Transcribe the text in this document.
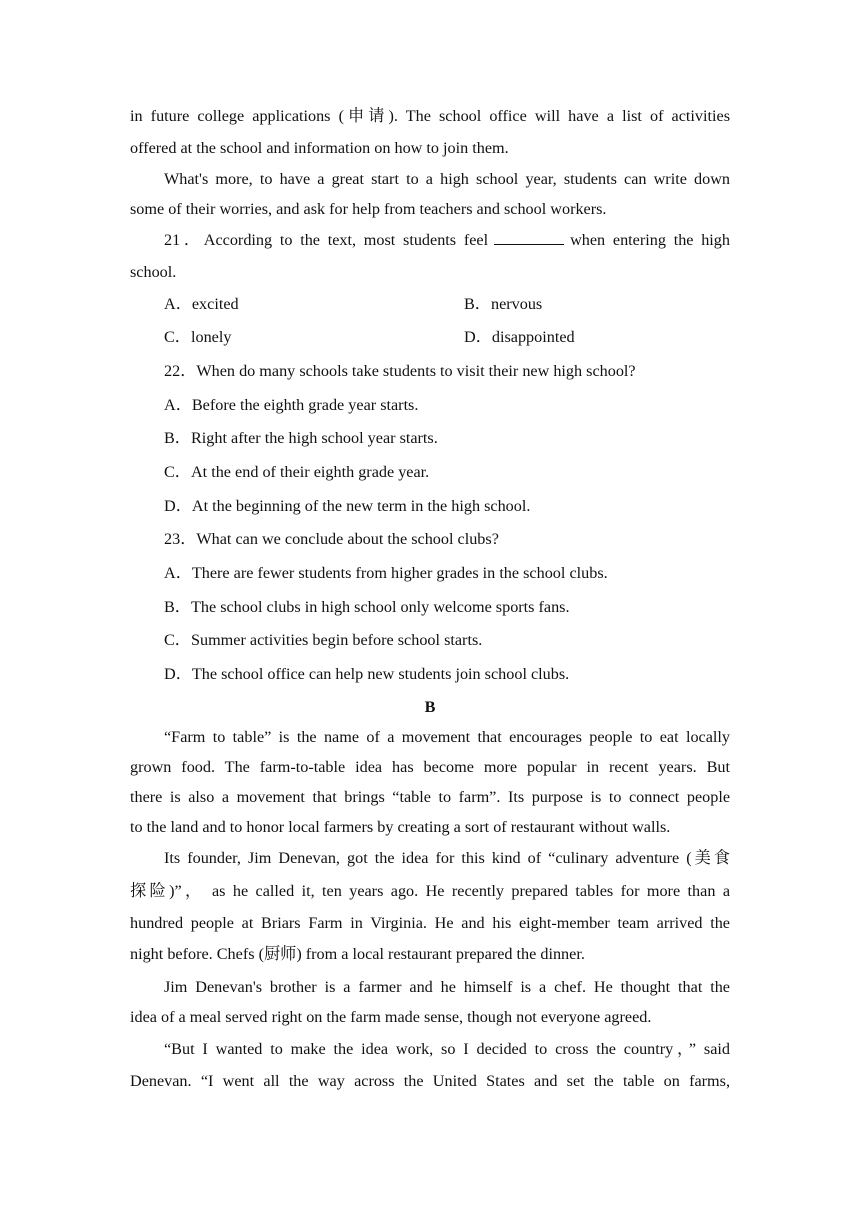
in future college applications (申请). The school office will have a list of activities
offered at the school and information on how to join them.
What's more, to have a great start to a high school year, students can write down
some of their worries, and ask for help from teachers and school workers.
21．According to the text, most students feel	when entering the high
school.
A．excited	B．nervous
C．lonely	D．disappointed
22．When do many schools take students to visit their new high school?
A．Before the eighth grade year starts.
B．Right after the high school year starts.
C．At the end of their eighth grade year.
D．At the beginning of the new term in the high school.
23．What can we conclude about the school clubs?
A．There are fewer students from higher grades in the school clubs.
B．The school clubs in high school only welcome sports fans.
C．Summer activities begin before school starts.
D．The school office can help new students join school clubs.
B
“Farm to table” is the name of a movement that encourages people to eat locally
grown food. The farm-to-table idea has become more popular in recent years. But
there is also a movement that brings “table to farm”. Its purpose is to connect people
to the land and to honor local farmers by creating a sort of restaurant without walls.
Its founder, Jim Denevan, got the idea for this kind of “culinary adventure (美食
探险)”， as he called it, ten years ago. He recently prepared tables for more than a
hundred people at Briars Farm in Virginia. He and his eight-member team arrived the
night before. Chefs (厨师) from a local restaurant prepared the dinner.
Jim Denevan's brother is a farmer and he himself is a chef. He thought that the
idea of a meal served right on the farm made sense, though not everyone agreed.
“But I wanted to make the idea work, so I decided to cross the country，” said
Denevan. “I went all the way across the United States and set the table on farms,
